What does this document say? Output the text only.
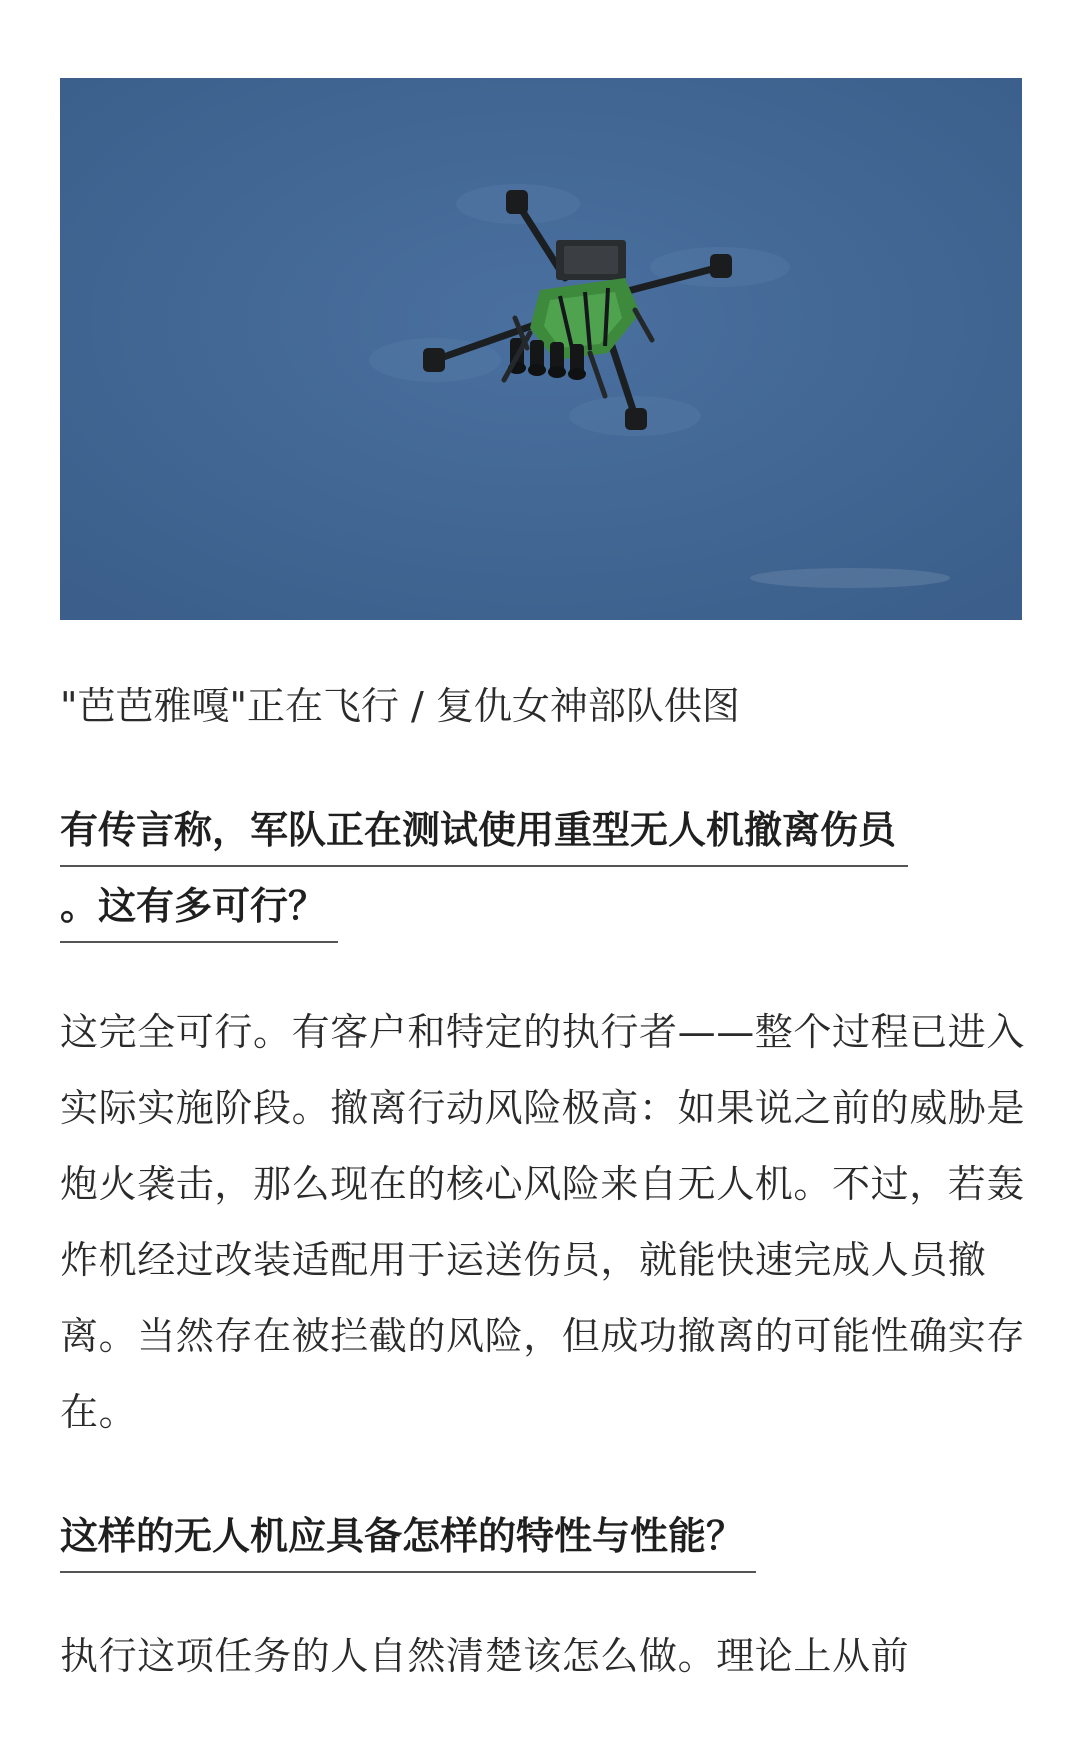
"芭芭雅嘎"正在飞行 / 复仇女神部队供图
有传言称，军队正在测试使用重型无人机撤离伤员
。这有多可行？

这完全可行。有客户和特定的执行者——整个过程已进入实际实施阶段。撤离行动风险极高：如果说之前的威胁是炮火袭击，那么现在的核心风险来自无人机。不过，若轰炸机经过改装适配用于运送伤员，就能快速完成人员撤离。当然存在被拦截的风险，但成功撤离的可能性确实存在。

这样的无人机应具备怎样的特性与性能？

执行这项任务的人自然清楚该怎么做。理论上从前
